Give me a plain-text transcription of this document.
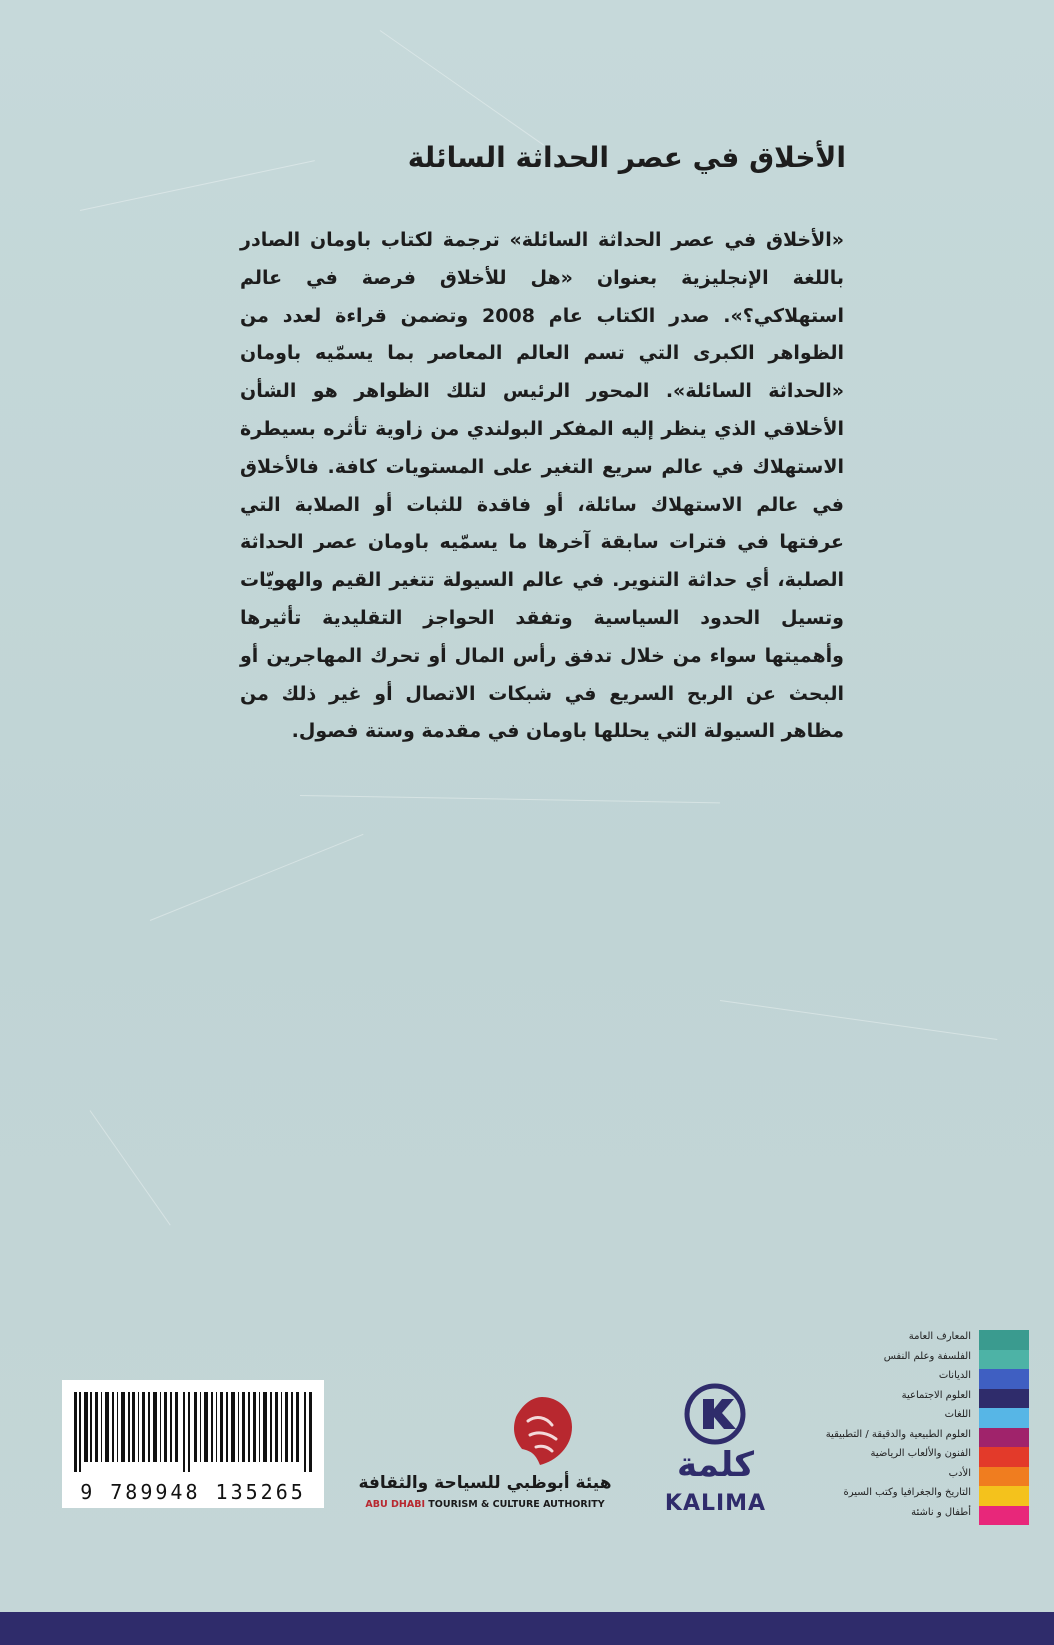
الأخلاق في عصر الحداثة السائلة

«الأخلاق في عصر الحداثة السائلة» ترجمة لكتاب باومان الصادر باللغة الإنجليزية بعنوان «هل للأخلاق فرصة في عالم استهلاكي؟». صدر الكتاب عام 2008 وتضمن قراءة لعدد من الظواهر الكبرى التي تسم العالم المعاصر بما يسمّيه باومان «الحداثة السائلة». المحور الرئيس لتلك الظواهر هو الشأن الأخلاقي الذي ينظر إليه المفكر البولندي من زاوية تأثره بسيطرة الاستهلاك في عالم سريع التغير على المستويات كافة. فالأخلاق في عالم الاستهلاك سائلة، أو فاقدة للثبات أو الصلابة التي عرفتها في فترات سابقة آخرها ما يسمّيه باومان عصر الحداثة الصلبة، أي حداثة التنوير. في عالم السيولة تتغير القيم والهويّات وتسيل الحدود السياسية وتفقد الحواجز التقليدية تأثيرها وأهميتها سواء من خلال تدفق رأس المال أو تحرك المهاجرين أو البحث عن الربح السريع في شبكات الاتصال أو غير ذلك من مظاهر السيولة التي يحللها باومان في مقدمة وستة فصول.

9 789948 135265	هيئة أبوظبي للسياحة والثقافة
ABU DHABI TOURISM & CULTURE AUTHORITY
كلمة
KALIMA
المعارف العامة
الفلسفة وعلم النفس
الديانات
العلوم الاجتماعية
اللغات
العلوم الطبيعية والدقيقة / التطبيقية
الفنون والألعاب الرياضية
الأدب
التاريخ والجغرافيا وكتب السيرة
أطفال و ناشئة
